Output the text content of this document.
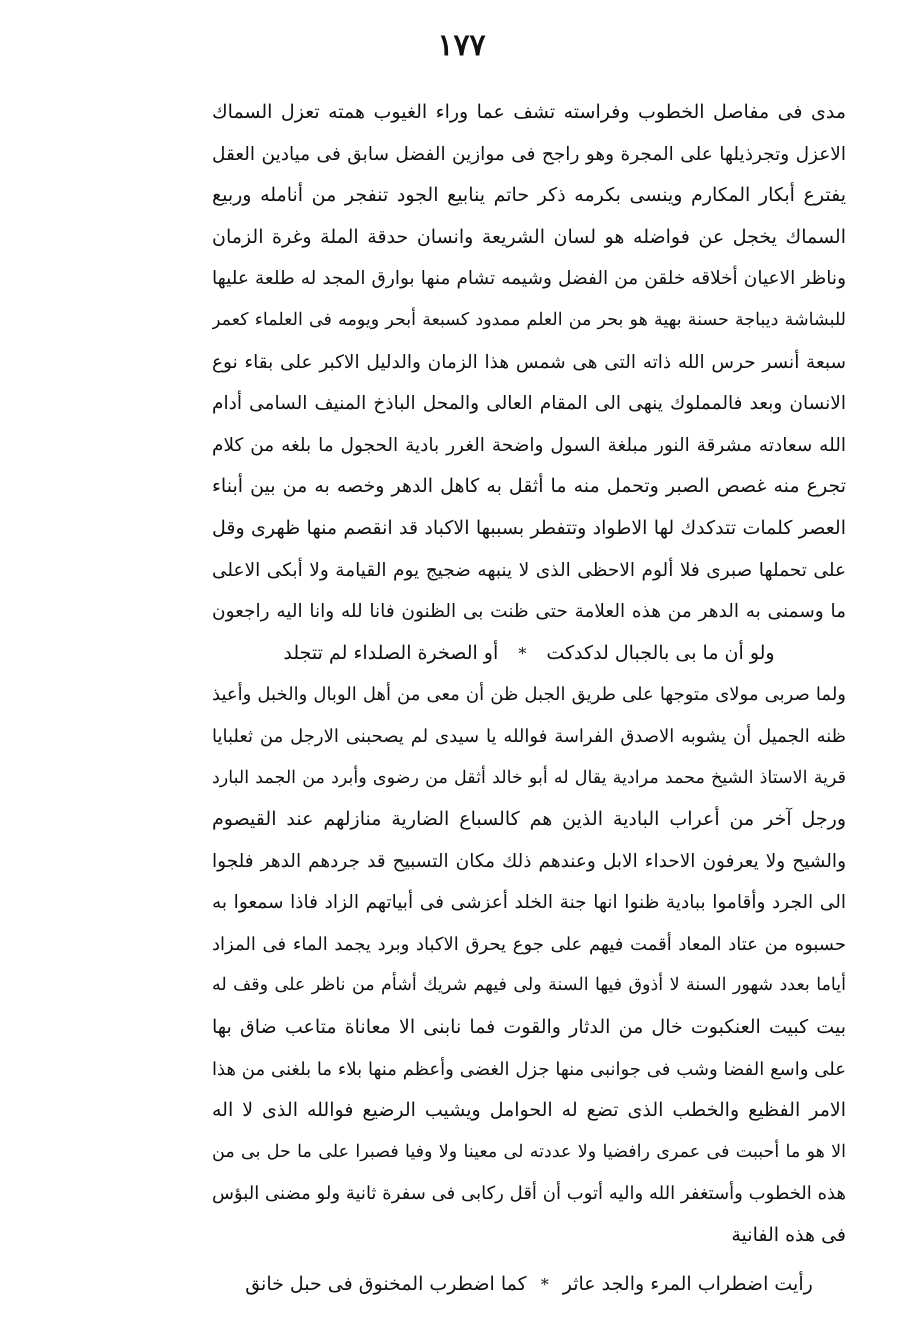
١٧٧
مدى فى مفاصل الخطوب وفراسته تشف عما وراء الغيوب همته تعزل السماك
الاعزل وتجرذيلها على المجرة وهو راجح فى موازين الفضل سابق فى ميادين العقل
يفترع أبكار المكارم وينسى بكرمه ذكر حاتم ينابيع الجود تنفجر من أنامله وربيع
السماك يخجل عن فواضله هو لسان الشريعة وانسان حدقة الملة وغرة الزمان
وناظر الاعيان أخلاقه خلقن من الفضل وشيمه تشام منها بوارق المجد له طلعة عليها
للبشاشة ديباجة حسنة بهية هو بحر من العلم ممدود كسبعة أبحر ويومه فى العلماء كعمر
سبعة أنسر حرس الله ذاته التى هى شمس هذا الزمان والدليل الاكبر على بقاء نوع
الانسان وبعد فالمملوك ينهى الى المقام العالى والمحل الباذخ المنيف السامى أدام
الله سعادته مشرقة النور مبلغة السول واضحة الغرر بادية الحجول ما بلغه من كلام
تجرع منه غصص الصبر وتحمل منه ما أثقل به كاهل الدهر وخصه به من بين أبناء
العصر كلمات تتدكدك لها الاطواد وتتفطر بسببها الاكباد قد انقصم منها ظهرى وقل
على تحملها صبرى فلا ألوم الاحظى الذى لا ينبهه ضجيج يوم القيامة ولا أبكى الاعلى
ما وسمنى به الدهر من هذه العلامة حتى ظنت بى الظنون فانا لله وانا اليه راجعون
ولو أن ما بى بالجبال لدكدكت * أو الصخرة الصلداء لم تتجلد
ولما صربى مولاى متوجها على طريق الجبل ظن أن معى من أهل الوبال والخبل وأعيذ
ظنه الجميل أن يشوبه الاصدق الفراسة فوالله يا سيدى لم يصحبنى الارجل من ثعلبايا
قرية الاستاذ الشيخ محمد مرادية يقال له أبو خالد أثقل من رضوى وأبرد من الجمد البارد
ورجل آخر من أعراب البادية الذين هم كالسباع الضارية منازلهم عند القيصوم
والشيح ولا يعرفون الاحداء الابل وعندهم ذلك مكان التسبيح قد جردهم الدهر فلجوا
الى الجرد وأقاموا ببادية ظنوا انها جنة الخلد أعزشى فى أبياتهم الزاد فاذا سمعوا به
حسبوه من عتاد المعاد أقمت فيهم على جوع يحرق الاكباد وبرد يجمد الماء فى المزاد
أياما بعدد شهور السنة لا أذوق فيها السنة ولى فيهم شريك أشأم من ناظر على وقف له
بيت كبيت العنكبوت خال من الدثار والقوت فما نابنى الا معاناة متاعب ضاق بها
على واسع الفضا وشب فى جوانبى منها جزل الغضى وأعظم منها بلاء ما بلغنى من هذا
الامر الفظيع والخطب الذى تضع له الحوامل ويشيب الرضيع فوالله الذى لا اله
الا هو ما أحببت فى عمرى رافضيا ولا عددته لى معينا ولا وفيا فصبرا على ما حل بى من
هذه الخطوب وأستغفر الله واليه أتوب أن أقل ركابى فى سفرة ثانية ولو مضنى البؤس
فى هذه الفانية
رأيت اضطراب المرء والجد عاثر * كما اضطرب المخنوق فى حبل خانق
